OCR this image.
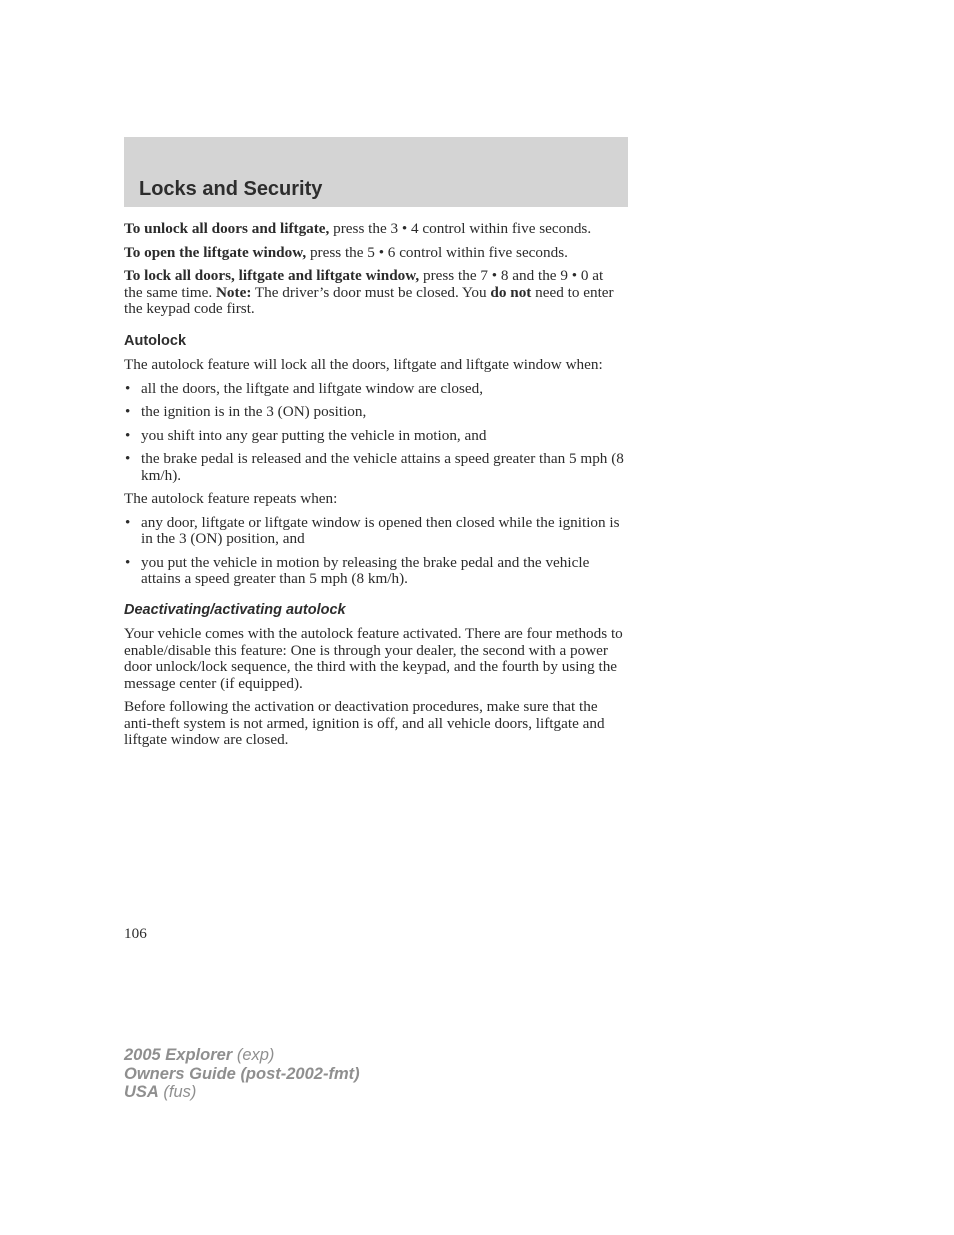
Locks and Security

To unlock all doors and liftgate, press the 3 • 4 control within five seconds.

To open the liftgate window, press the 5 • 6 control within five seconds.

To lock all doors, liftgate and liftgate window, press the 7 • 8 and the 9 • 0 at the same time. Note: The driver’s door must be closed. You do not need to enter the keypad code first.

Autolock

The autolock feature will lock all the doors, liftgate and liftgate window when:

• all the doors, the liftgate and liftgate window are closed,
• the ignition is in the 3 (ON) position,
• you shift into any gear putting the vehicle in motion, and
• the brake pedal is released and the vehicle attains a speed greater than 5 mph (8 km/h).

The autolock feature repeats when:

• any door, liftgate or liftgate window is opened then closed while the ignition is in the 3 (ON) position, and
• you put the vehicle in motion by releasing the brake pedal and the vehicle attains a speed greater than 5 mph (8 km/h).
Deactivating/activating autolock

Your vehicle comes with the autolock feature activated. There are four methods to enable/disable this feature: One is through your dealer, the second with a power door unlock/lock sequence, the third with the keypad, and the fourth by using the message center (if equipped).

Before following the activation or deactivation procedures, make sure that the anti-theft system is not armed, ignition is off, and all vehicle doors, liftgate and liftgate window are closed.

106
2005 Explorer (exp)
Owners Guide (post-2002-fmt)
USA (fus)
